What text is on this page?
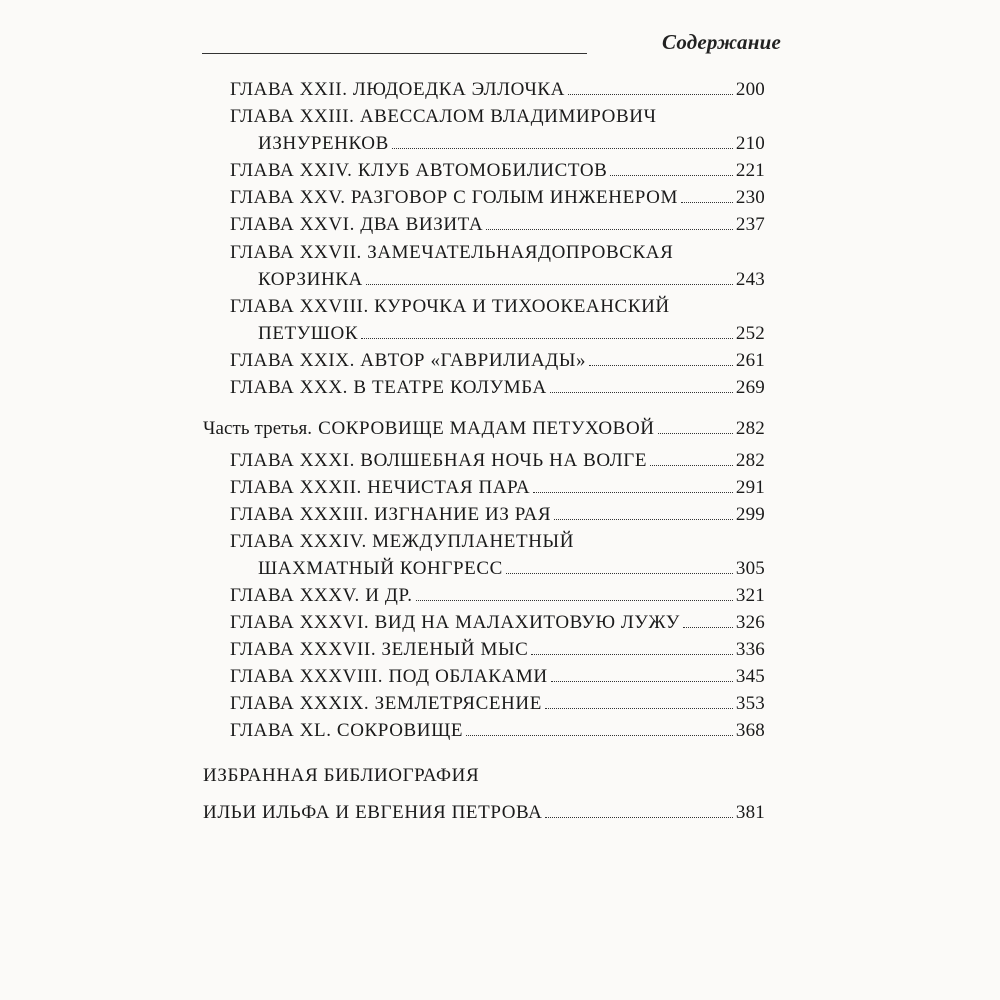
Содержание
ГЛАВА XXII. ЛЮДОЕДКА ЭЛЛОЧКА	200
ГЛАВА XXIII. АВЕССАЛОМ ВЛАДИМИРОВИЧ
ИЗНУРЕНКОВ	210
ГЛАВА XXIV. КЛУБ АВТОМОБИЛИСТОВ	221
ГЛАВА XXV. РАЗГОВОР С ГОЛЫМ ИНЖЕНЕРОМ	230
ГЛАВА XXVI. ДВА ВИЗИТА	237
ГЛАВА XXVII. ЗАМЕЧАТЕЛЬНАЯДОПРОВСКАЯ
КОРЗИНКА	243
ГЛАВА XXVIII. КУРОЧКА И ТИХООКЕАНСКИЙ
ПЕТУШОК	252
ГЛАВА XXIX. АВТОР «ГАВРИЛИАДЫ»	261
ГЛАВА XXX. В ТЕАТРЕ КОЛУМБА	269
Часть третья. СОКРОВИЩЕ МАДАМ ПЕТУХОВОЙ	282
ГЛАВА XXXI. ВОЛШЕБНАЯ НОЧЬ НА ВОЛГЕ	282
ГЛАВА XXXII. НЕЧИСТАЯ ПАРА	291
ГЛАВА XXXIII. ИЗГНАНИЕ ИЗ РАЯ	299
ГЛАВА XXXIV. МЕЖДУПЛАНЕТНЫЙ
ШАХМАТНЫЙ КОНГРЕСС	305
ГЛАВА XXXV. И ДР.	321
ГЛАВА XXXVI. ВИД НА МАЛАХИТОВУЮ ЛУЖУ	326
ГЛАВА XXXVII. ЗЕЛЕНЫЙ МЫС	336
ГЛАВА XXXVIII. ПОД ОБЛАКАМИ	345
ГЛАВА XXXIX. ЗЕМЛЕТРЯСЕНИЕ	353
ГЛАВА XL. СОКРОВИЩЕ	368
ИЗБРАННАЯ БИБЛИОГРАФИЯ
ИЛЬИ ИЛЬФА И ЕВГЕНИЯ ПЕТРОВА	381
